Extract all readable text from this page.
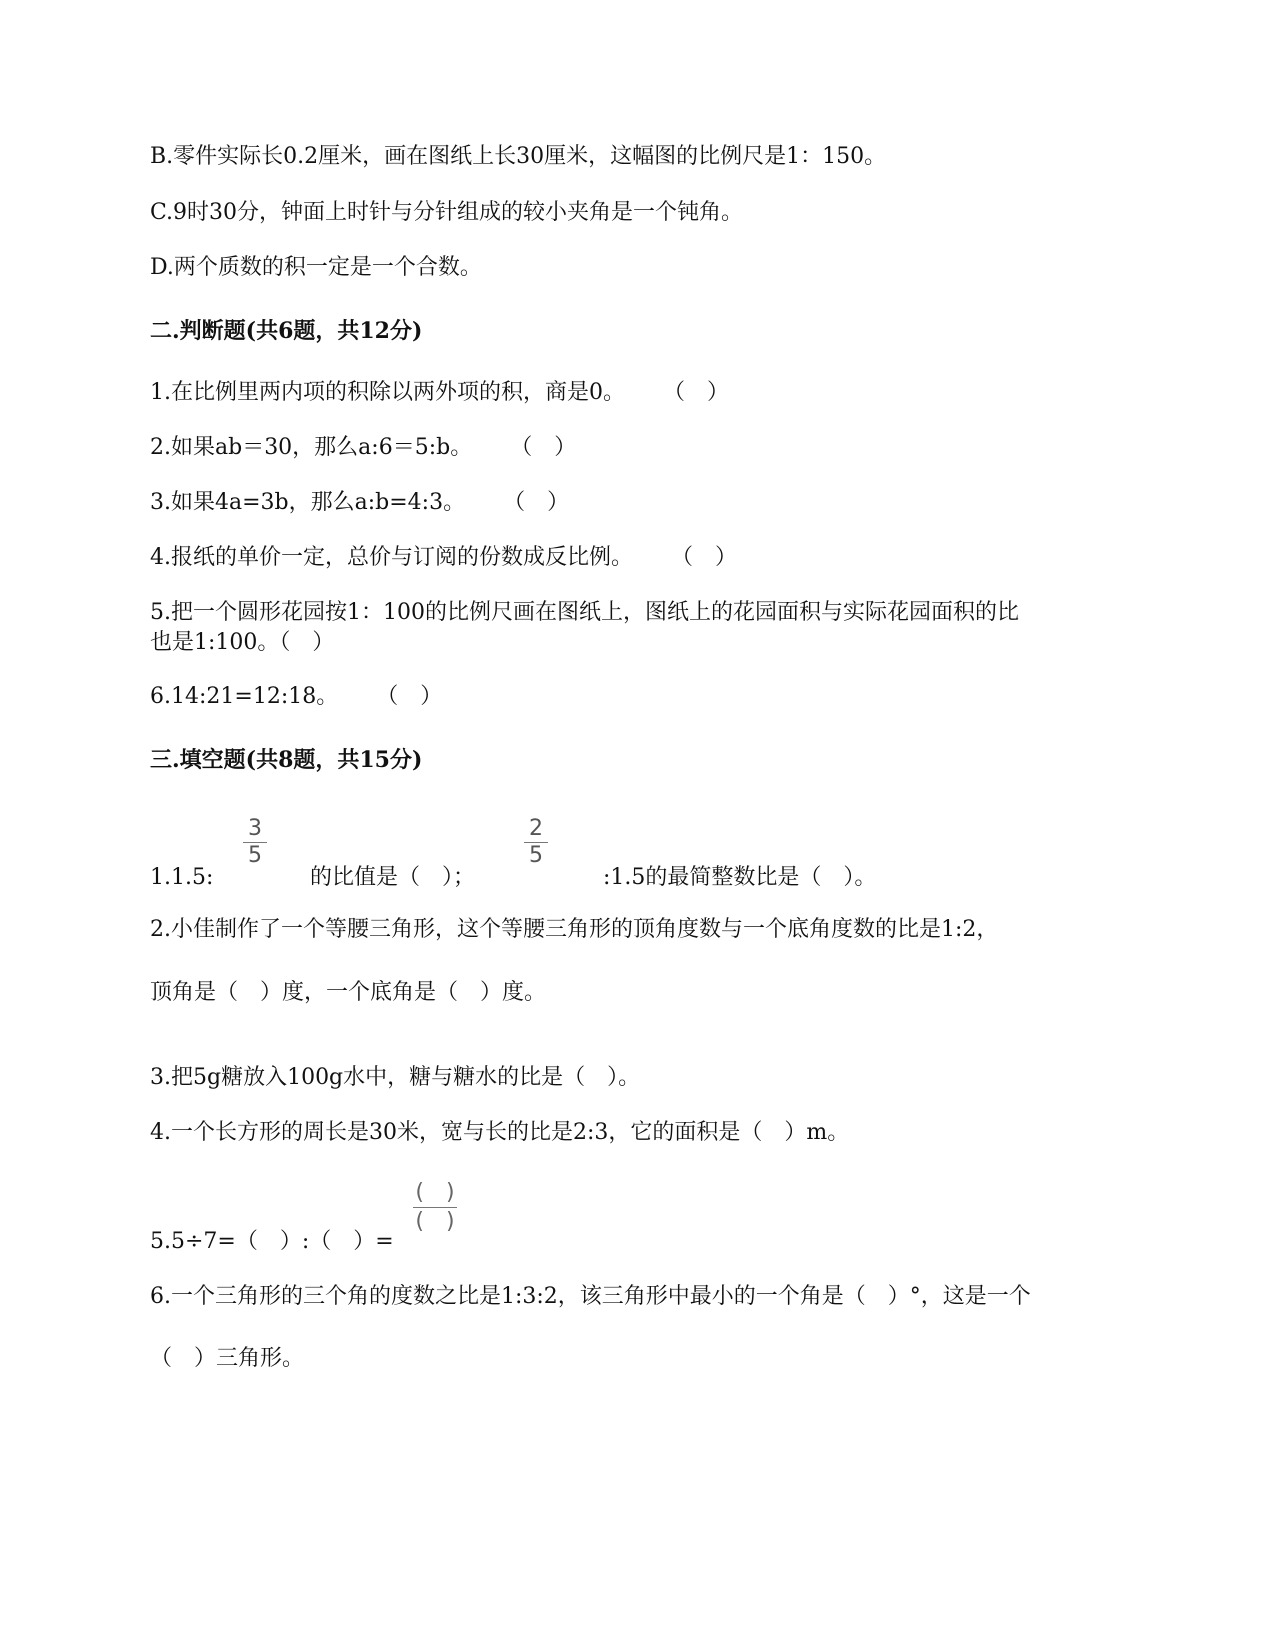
B.零件实际长0.2厘米，画在图纸上长30厘米，这幅图的比例尺是1：150。
C.9时30分，钟面上时针与分针组成的较小夹角是一个钝角。
D.两个质数的积一定是一个合数。
二.判断题(共6题，共12分)
1.在比例里两内项的积除以两外项的积，商是0。 （　）
2.如果ab＝30，那么a:6＝5:b。 （　）
3.如果4a=3b，那么a:b=4:3。 （　）
4.报纸的单价一定，总价与订阅的份数成反比例。 （　）
5.把一个圆形花园按1：100的比例尺画在图纸上，图纸上的花园面积与实际花园面积的比
也是1:100。（　）
6.14:21=12:18。 （　）
三.填空题(共8题，共15分)
3
5
2
5
1.1.5:	的比值是（　）；	:1.5的最简整数比是（　）。
2.小佳制作了一个等腰三角形，这个等腰三角形的顶角度数与一个底角度数的比是1:2，
顶角是（　）度，一个底角是（　）度。
3.把5g糖放入100g水中，糖与糖水的比是（　）。
4.一个长方形的周长是30米，宽与长的比是2:3，它的面积是（　）m。
(　)
(　)
5.5÷7=（　）:（　）=
6.一个三角形的三个角的度数之比是1:3:2，该三角形中最小的一个角是（　）°，这是一个
（　）三角形。
